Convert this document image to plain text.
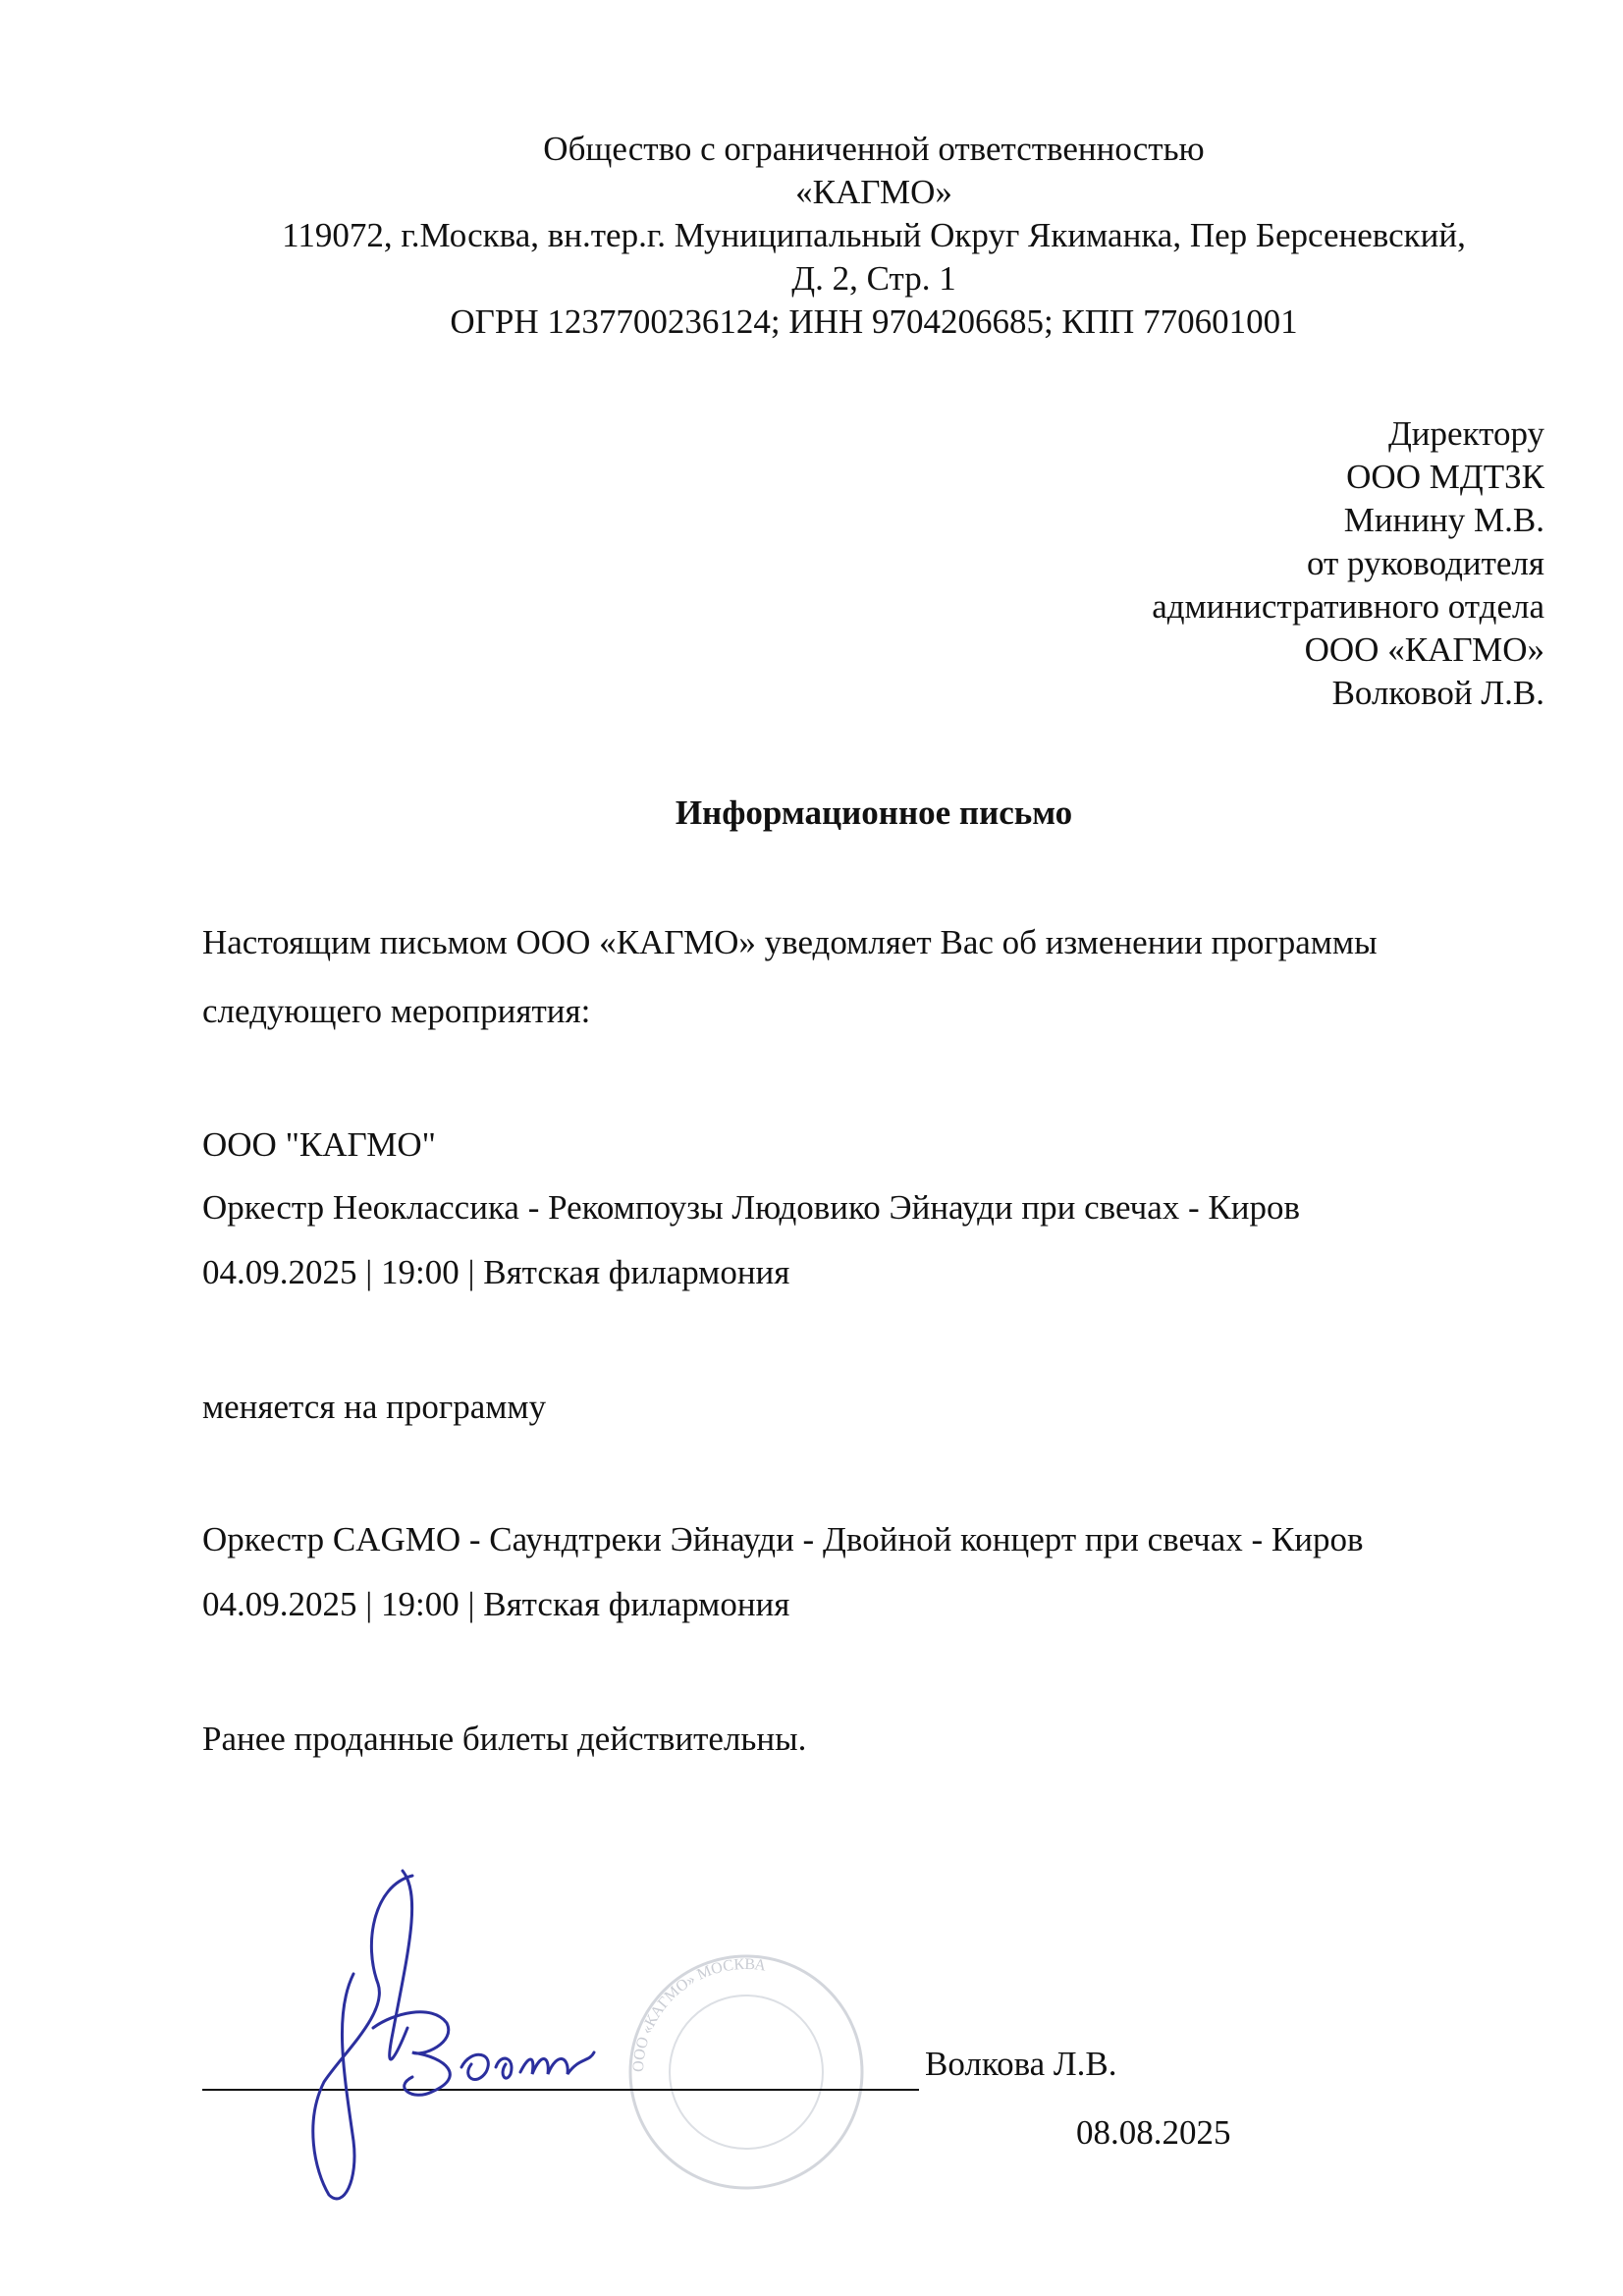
Общество с ограниченной ответственностью
«КАГМО»
119072, г.Москва, вн.тер.г. Муниципальный Округ Якиманка, Пер Берсеневский,
Д. 2, Стр. 1
ОГРН 1237700236124; ИНН 9704206685; КПП 770601001
Директору
ООО МДТЗК
Минину М.В.
от руководителя
административного отдела
ООО «КАГМО»
Волковой Л.В.
Информационное письмо
Настоящим письмом ООО «КАГМО» уведомляет Вас об изменении программы
следующего мероприятия:
ООО "КАГМО"
Оркестр Неоклассика - Рекомпоузы Людовико Эйнауди при свечах - Киров
04.09.2025 | 19:00 | Вятская филармония
меняется на программу
Оркестр CAGMO - Саундтреки Эйнауди - Двойной концерт при свечах - Киров
04.09.2025 | 19:00 | Вятская филармония
Ранее проданные билеты действительны.
ООО «КАГМО» МОСКВА
Волкова Л.В.
08.08.2025
